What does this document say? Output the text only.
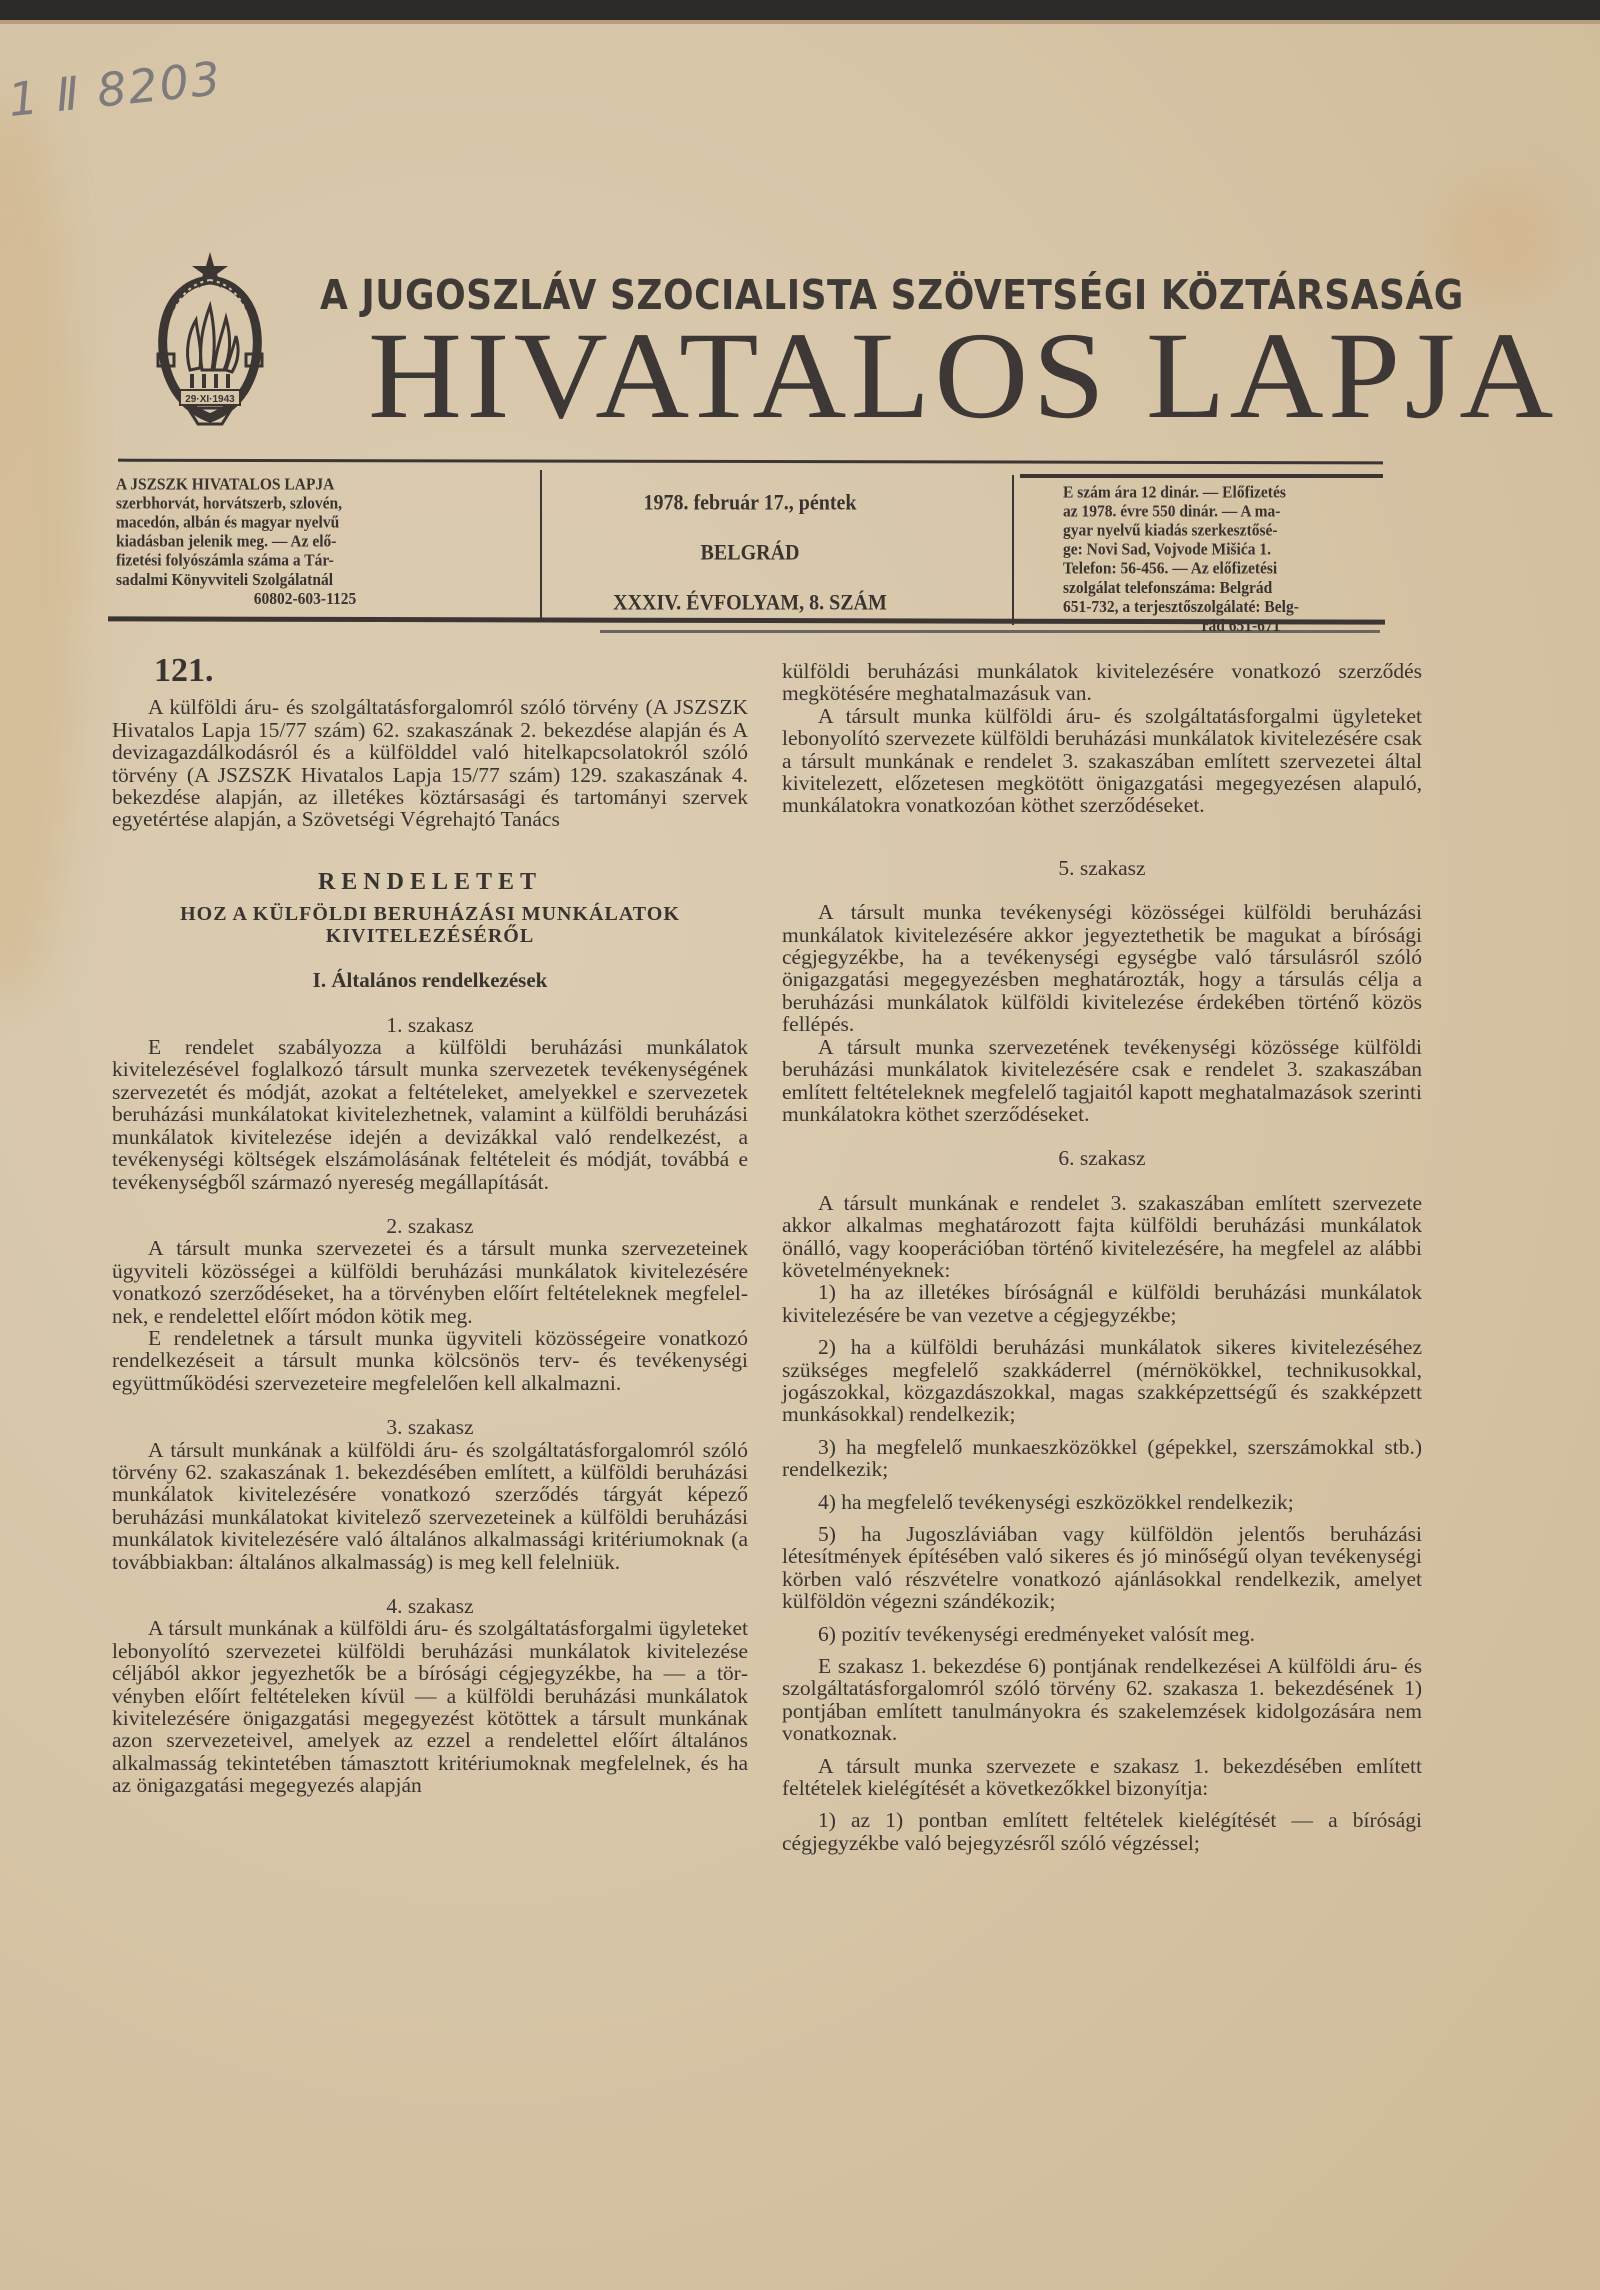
1 Ⅱ 8203
29·XI·1943
A JUGOSZLÁV SZOCIALISTA SZÖVETSÉGI KÖZTÁRSASÁG
HIVATALOS LAPJA
A JSZSZK HIVATALOS LAPJA
szerbhorvát, horvátszerb, szlovén,
macedón, albán és magyar nyelvű
kiadásban jelenik meg. — Az elő-
fizetési folyószámla száma a Tár-
sadalmi Könyvviteli Szolgálatnál
60802-603-1125
1978. február 17., péntek
BELGRÁD
XXXIV. ÉVFOLYAM, 8. SZÁM
E szám ára 12 dinár. — Előfizetés
az 1978. évre 550 dinár. — A ma-
gyar nyelvű kiadás szerkesztősé-
ge: Novi Sad, Vojvode Mišića 1.
Telefon: 56-456. — Az előfizetési
szolgálat telefonszáma: Belgrád
651-732, a terjesztőszolgálaté: Belg-
rád 651-671
121.

A külföldi áru- és szolgáltatásforgalomról szóló törvény (A JSZSZK Hivatalos Lapja 15/77 szám) 62. szakaszának 2. bekezdése alapján és A devizagazdálkodásról és a külfölddel való hitelkapcsolatokról szóló törvény (A JSZSZK Hivatalos Lapja 15/77 szám) 129. szakaszának 4. bekezdése alapján, az illetékes köztársasági és tartományi szervek egyetértése alapján, a Szövetségi Végrehajtó Tanács

RENDELETET
HOZ A KÜLFÖLDI BERUHÁZÁSI MUNKÁLATOK
KIVITELEZÉSÉRŐL
I. Általános rendelkezések
1. szakasz

E rendelet szabályozza a külföldi beruházási munkálatok kivitelezésével foglalkozó társult munka szervezetek tevékenységének szervezetét és módját, azokat a feltételeket, amelyekkel e szervezetek beruházási munkálatokat kivitelezhetnek, valamint a külföldi beruházási munkálatok kivitelezése idején a devizákkal való rendelkezést, a tevékenységi költségek elszámolásának feltételeit és módját, továbbá e tevékenységből származó nyereség megállapítását.

2. szakasz

A társult munka szervezetei és a társult munka szervezeteinek ügyviteli közösségei a külföldi beruházási munkálatok kivitelezésére vonatkozó szerződéseket, ha a törvényben előírt feltételeknek megfelelnek, e rendelettel előírt módon kötik meg.

E rendeletnek a társult munka ügyviteli közösségeire vonatkozó rendelkezéseit a társult munka kölcsönös terv- és tevékenységi együttműködési szervezeteire megfelelően kell alkalmazni.

3. szakasz

A társult munkának a külföldi áru- és szolgáltatásforgalomról szóló törvény 62. szakaszának 1. bekezdésében említett, a külföldi beruházási munkálatok kivitelezésére vonatkozó szerződés tárgyát képező beruházási munkálatokat kivitelező szervezeteinek a külföldi beruházási munkálatok kivitelezésére való általános alkalmassági kritériumoknak (a továbbiakban: általános alkalmasság) is meg kell felelniük.

4. szakasz

A társult munkának a külföldi áru- és szolgáltatásforgalmi ügyleteket lebonyolító szervezetei külföldi beruházási munkálatok kivitelezése céljából akkor jegyezhetők be a bírósági cégjegyzékbe, ha — a törvényben előírt feltételeken kívül — a külföldi beruházási munkálatok kivitelezésére önigazgatási megegyezést kötöttek a társult munkának azon szervezeteivel, amelyek az ezzel a rendelettel előírt általános alkalmasság tekintetében támasztott kritériumoknak megfelelnek, és ha az önigazgatási megegyezés alapján

külföldi beruházási munkálatok kivitelezésére vonatkozó szerződés megkötésére meghatalmazásuk van.

A társult munka külföldi áru- és szolgáltatásforgalmi ügyleteket lebonyolító szervezete külföldi beruházási munkálatok kivitelezésére csak a társult munkának e rendelet 3. szakaszában említett szervezetei által kivitelezett, előzetesen megkötött önigazgatási megegyezésen alapuló, munkálatokra vonatkozóan köthet szerződéseket.

5. szakasz

A társult munka tevékenységi közösségei külföldi beruházási munkálatok kivitelezésére akkor jegyeztethetik be magukat a bírósági cégjegyzékbe, ha a tevékenységi egységbe való társulásról szóló önigazgatási megegyezésben meghatározták, hogy a társulás célja a beruházási munkálatok külföldi kivitelezése érdekében történő közös fellépés.

A társult munka szervezetének tevékenységi közössége külföldi beruházási munkálatok kivitelezésére csak e rendelet 3. szakaszában említett feltételeknek megfelelő tagjaitól kapott meghatalmazások szerinti munkálatokra köthet szerződéseket.

6. szakasz

A társult munkának e rendelet 3. szakaszában említett szervezete akkor alkalmas meghatározott fajta külföldi beruházási munkálatok önálló, vagy kooperációban történő kivitelezésére, ha megfelel az alábbi követelményeknek:

1) ha az illetékes bíróságnál e külföldi beruházási munkálatok kivitelezésére be van vezetve a cégjegyzékbe;

2) ha a külföldi beruházási munkálatok sikeres kivitelezéséhez szükséges megfelelő szakkáderrel (mérnökökkel, technikusokkal, jogászokkal, közgazdászokkal, magas szakképzettségű és szakképzett munkásokkal) rendelkezik;

3) ha megfelelő munkaeszközökkel (gépekkel, szerszámokkal stb.) rendelkezik;

4) ha megfelelő tevékenységi eszközökkel rendelkezik;

5) ha Jugoszláviában vagy külföldön jelentős beruházási létesítmények építésében való sikeres és jó minőségű olyan tevékenységi körben való részvételre vonatkozó ajánlásokkal rendelkezik, amelyet külföldön végezni szándékozik;

6) pozitív tevékenységi eredményeket valósít meg.

E szakasz 1. bekezdése 6) pontjának rendelkezései A külföldi áru- és szolgáltatásforgalomról szóló törvény 62. szakasza 1. bekezdésének 1) pontjában említett tanulmányokra és szakelemzések kidolgozására nem vonatkoznak.

A társult munka szervezete e szakasz 1. bekezdésében említett feltételek kielégítését a következőkkel bizonyítja:

1) az 1) pontban említett feltételek kielégítését — a bírósági cégjegyzékbe való bejegyzésről szóló végzéssel;
